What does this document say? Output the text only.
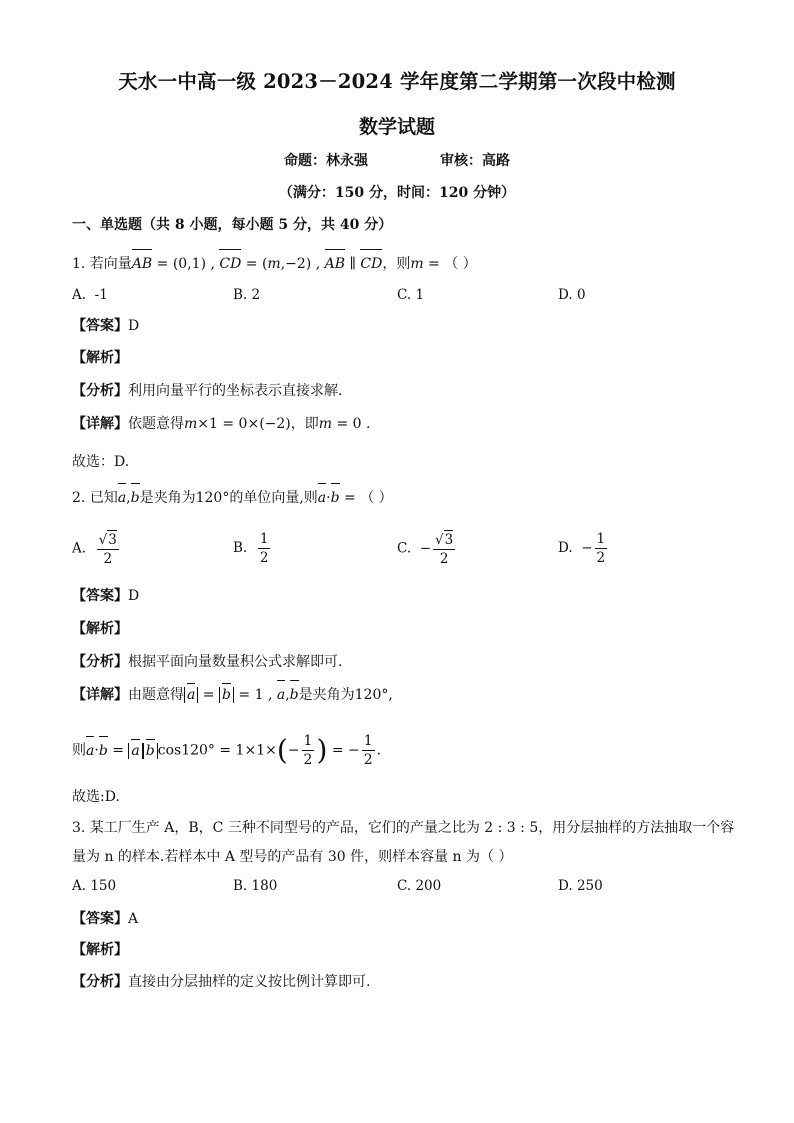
天水一中高一级 2023－2024 学年度第二学期第一次段中检测
数学试题
命题：林永强	审核：高路
（满分：150 分，时间：120 分钟）
一、单选题（共 8 小题，每小题 5 分，共 40 分）
1. 若向量AB = (0,1) , CD = (m,−2) , AB ∥ CD，则m = （ ）
A. -1	B. 2	C. 1	D. 0
【答案】D
【解析】
【分析】利用向量平行的坐标表示直接求解.
【详解】依题意得m×1 = 0×(−2)，即m = 0 .
故选：D.
2. 已知a,b是夹角为120°的单位向量,则a·b = （ ）
A. $\frac{√3}{2}$	B. $\frac{1}{2}$	C.  − $\frac{√3}{2}$	D.  − $\frac{1}{2}$
【答案】D
【解析】
【分析】根据平面向量数量积公式求解即可.
【详解】由题意得 a = b = 1 , a,b是夹角为120°,
则a·b = a b $\cos 120^\circ = 1\times 1\times(- \frac{1}{2}$ ) = − $\frac{1}{2}$ .
故选:D.
3. 某工厂生产 A，B，C 三种不同型号的产品，它们的产量之比为 2 : 3 : 5，用分层抽样的方法抽取一个容
量为 n 的样本.若样本中 A 型号的产品有 30 件，则样本容量 n 为（ ）
A. 150	B. 180	C. 200	D. 250
【答案】A
【解析】
【分析】直接由分层抽样的定义按比例计算即可.
